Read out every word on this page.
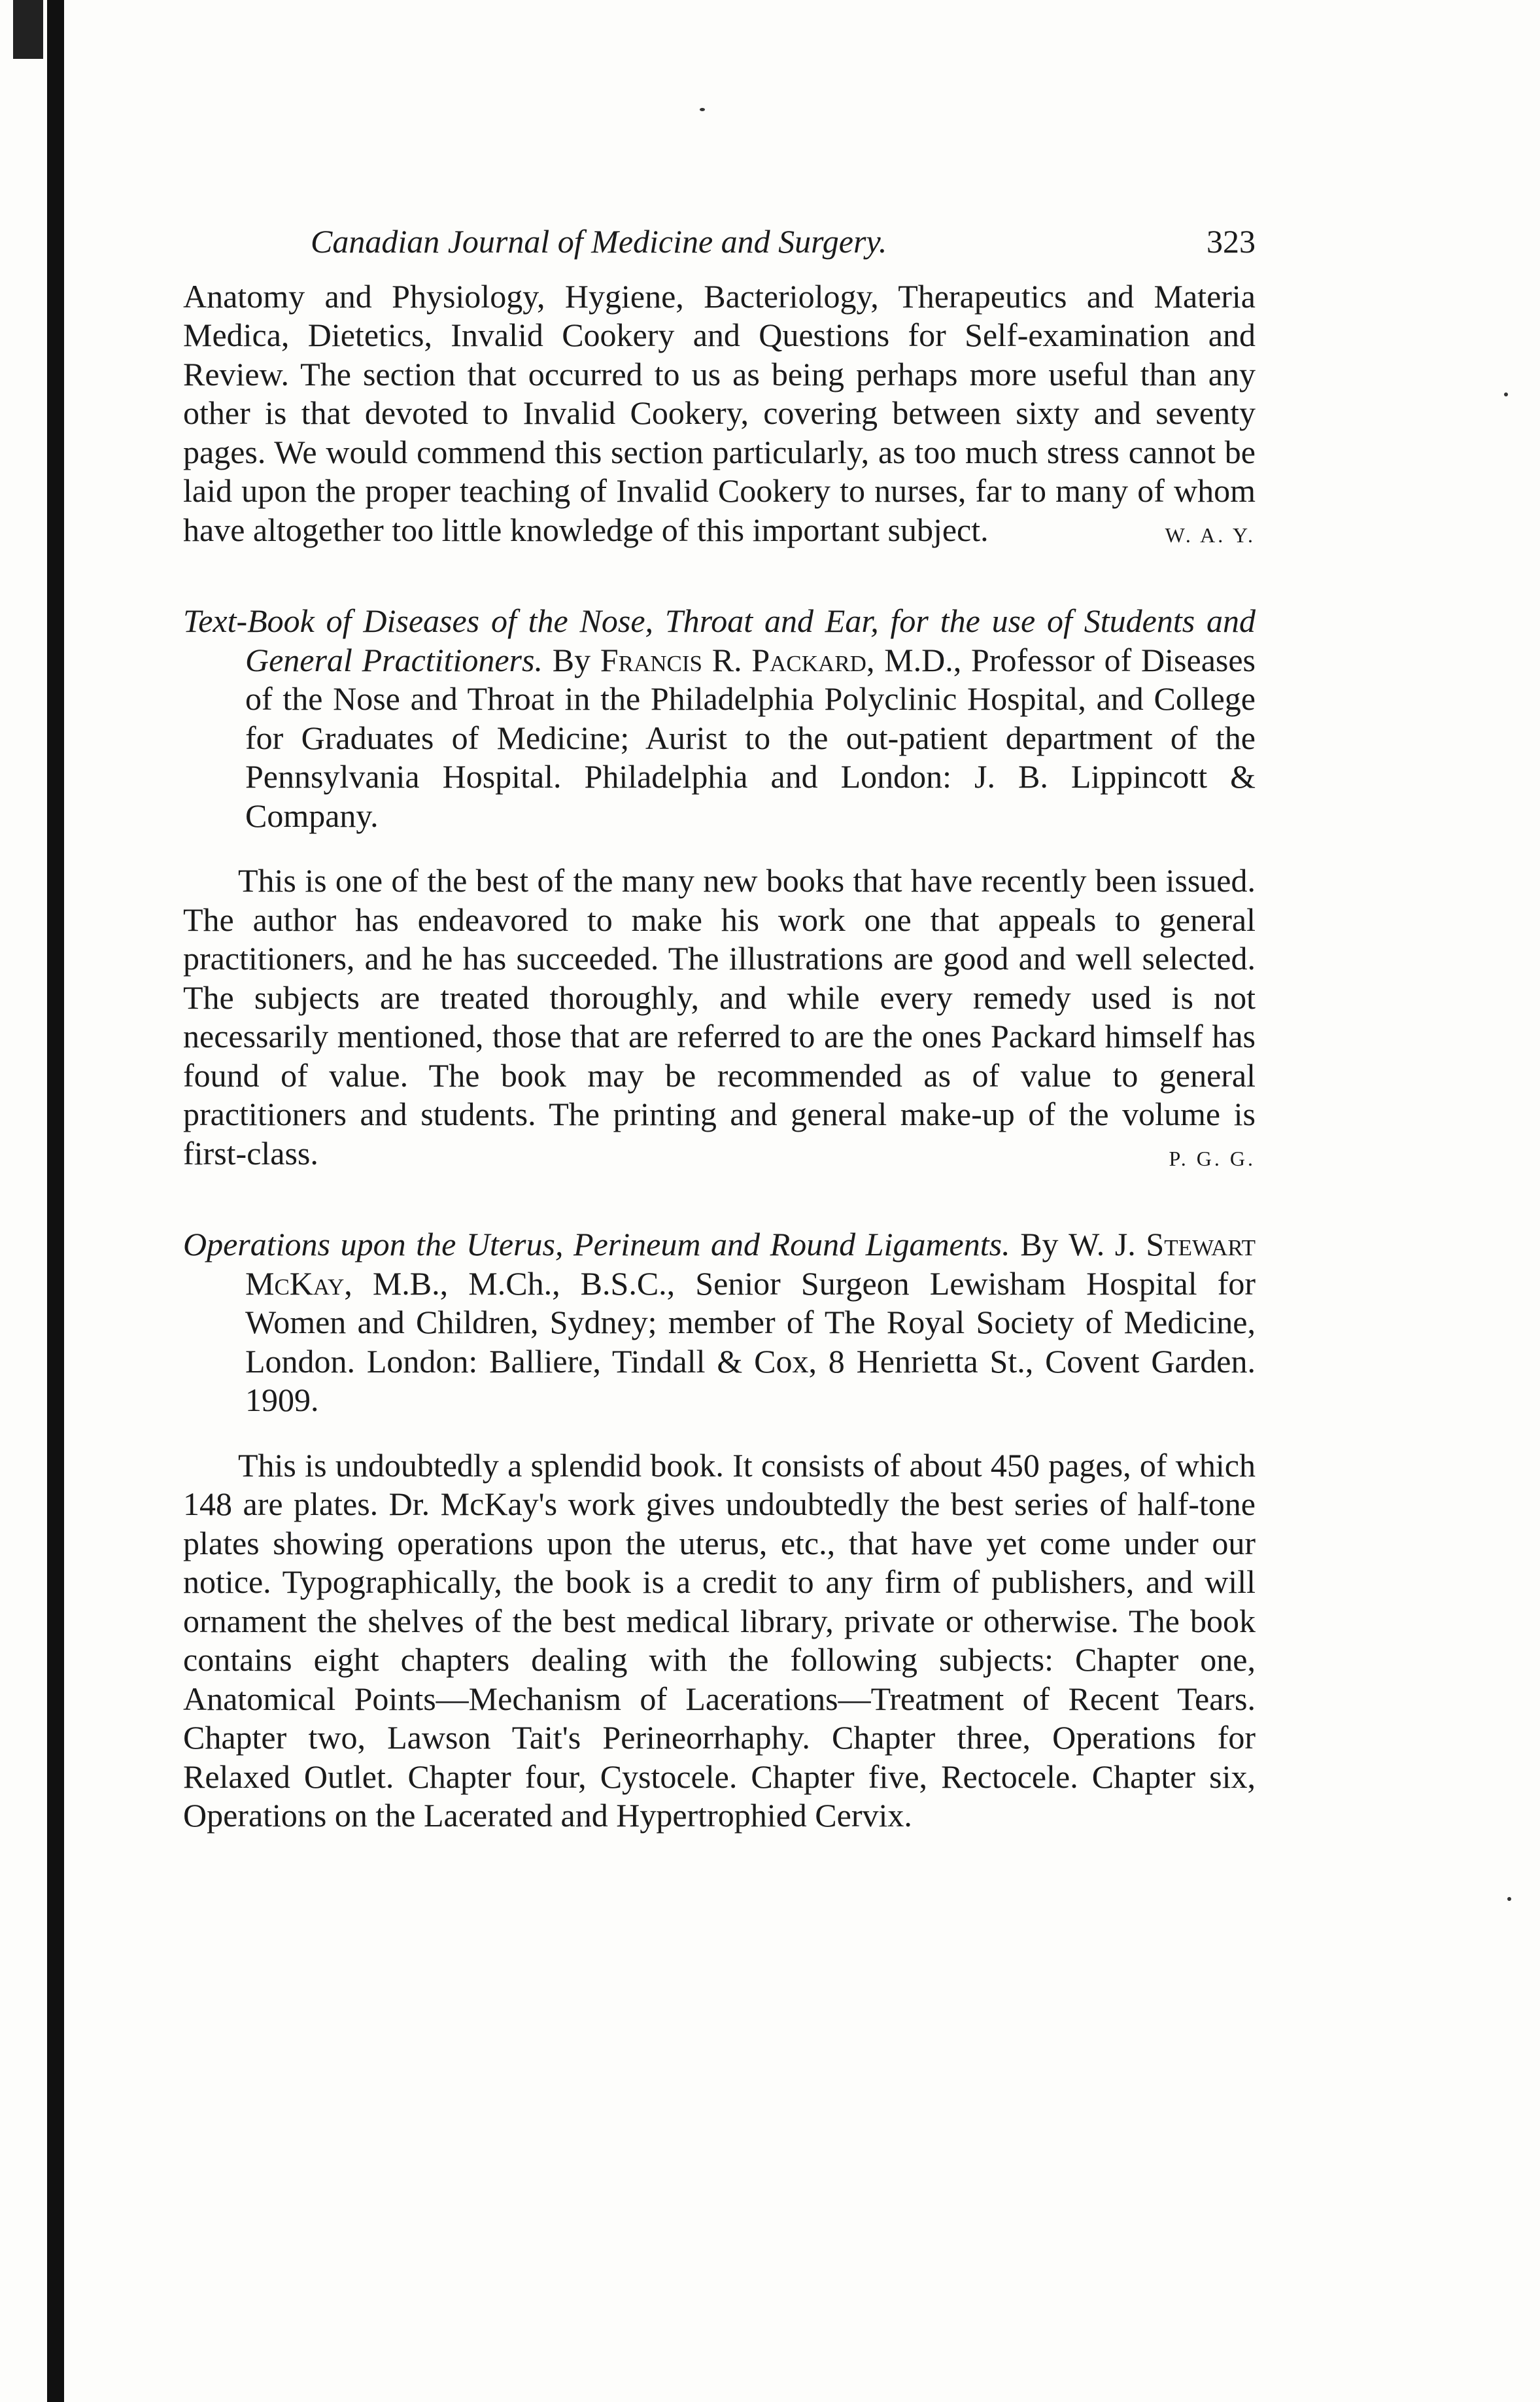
Canadian Journal of Medicine and Surgery.	323

Anatomy and Physiology, Hygiene, Bacteriology, Therapeutics and Materia Medica, Dietetics, Invalid Cookery and Questions for Self-examination and Review. The section that occurred to us as being perhaps more useful than any other is that devoted to Invalid Cookery, covering between sixty and seventy pages. We would commend this section particularly, as too much stress cannot be laid upon the proper teaching of Invalid Cookery to nurses, far to many of whom have altogether too little knowledge of this important subject.	W. A. Y.

Text-Book of Diseases of the Nose, Throat and Ear, for the use of Students and General Practitioners. By Francis R. Packard, M.D., Professor of Diseases of the Nose and Throat in the Philadelphia Polyclinic Hospital, and College for Graduates of Medicine; Aurist to the out-patient department of the Pennsylvania Hospital. Philadelphia and London: J. B. Lippincott & Company.

This is one of the best of the many new books that have recently been issued. The author has endeavored to make his work one that appeals to general practitioners, and he has succeeded. The illustrations are good and well selected. The subjects are treated thoroughly, and while every remedy used is not necessarily mentioned, those that are referred to are the ones Packard himself has found of value. The book may be recommended as of value to general practitioners and students. The printing and general make-up of the volume is first-class.	P. G. G.

Operations upon the Uterus, Perineum and Round Ligaments. By W. J. Stewart McKay, M.B., M.Ch., B.S.C., Senior Surgeon Lewisham Hospital for Women and Children, Sydney; member of The Royal Society of Medicine, London. London: Balliere, Tindall & Cox, 8 Henrietta St., Covent Garden. 1909.

This is undoubtedly a splendid book. It consists of about 450 pages, of which 148 are plates. Dr. McKay's work gives undoubtedly the best series of half-tone plates showing operations upon the uterus, etc., that have yet come under our notice. Typographically, the book is a credit to any firm of publishers, and will ornament the shelves of the best medical library, private or otherwise. The book contains eight chapters dealing with the following subjects: Chapter one, Anatomical Points—Mechanism of Lacerations—Treatment of Recent Tears. Chapter two, Lawson Tait's Perineorrhaphy. Chapter three, Operations for Relaxed Outlet. Chapter four, Cystocele. Chapter five, Rectocele. Chapter six, Operations on the Lacerated and Hypertrophied Cervix.
